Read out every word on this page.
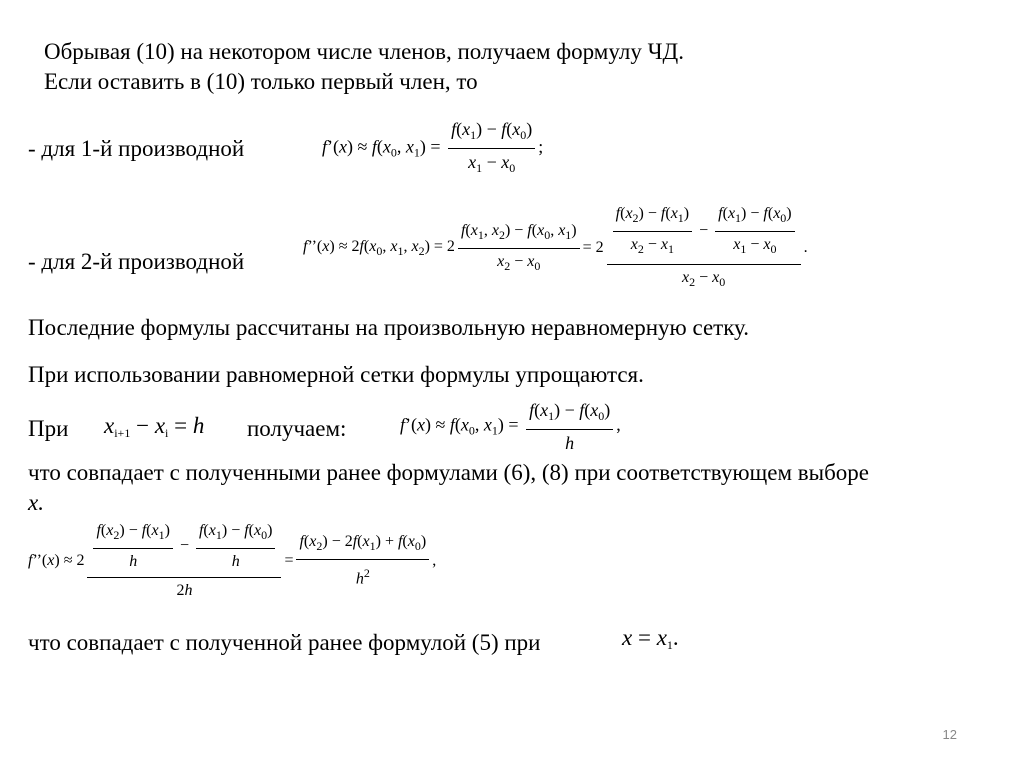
Обрывая (10) на некотором числе членов, получаем формулу ЧД.
Если оставить в (10) только первый член, то
- для 1-й производной	f’(x) ≈ $f(x_0$, $x_1) = \frac{f(x_1) - f(x_0)}{x_1 - x_0}$ ;
- для 2-й производной
f’’(x) ≈ $2f(x_0$, $x_1$, $x_2) = 2 \frac{f(x_1, x_2) - f(x_0, x_1)}{x_2 - x_0} = 2 \frac{\frac{f(x_2) - f(x_1)}{x_2 - x_1} - \frac{f(x_1) - f(x_0)}{x_1 - x_0}}{x_2 - x_0}$ .
Последние формулы рассчитаны на произвольную неравномерную сетку.
При использовании равномерной сетки формулы упрощаются.
При $x_{i+1} - x_i = h$ получаем:	f’(x) ≈ $f(x_0$, $x_1) = \frac{f(x_1) - f(x_0)}{h}$ ,
что совпадает с полученными ранее формулами (6), (8) при соответствующем выборе
x.
f’’(x) ≈ $2 \frac{\frac{f(x_2) - f(x_1)}{h} - \frac{f(x_1) - f(x_0)}{h}}{2h} = \frac{f(x_2) - 2f(x_1) + f(x_0)}{h^2}$ ,
что совпадает с полученной ранее формулой (5) при	$x = x_1$.
12
